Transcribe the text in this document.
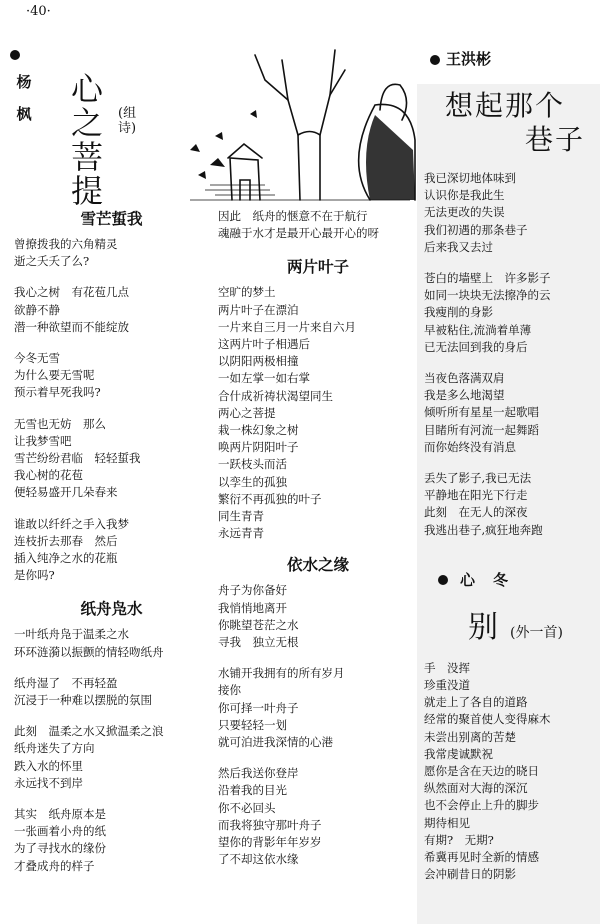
·40·
杨
枫
心之菩提
(组诗)
王洪彬
想起那个
巷子
雪芒蜇我
曾撩拨我的六角精灵
逝之夭夭了么?
我心之树　有花苞几点
欲静不静
潜一种欲望而不能绽放
今冬无雪
为什么要无雪呢
预示着早死我吗?
无雪也无妨　那么
让我梦雪吧
雪芒纷纷君临　轻轻蜇我
我心树的花苞
便轻易盛开几朵春来
谁敢以纤纤之手入我梦
连枝折去那春　然后
插入纯净之水的花瓶
是你吗?
纸舟凫水
一叶纸舟凫于温柔之水
环环涟漪以振颤的情轻吻纸舟
纸舟湿了　不再轻盈
沉浸于一种难以摆脱的氛围
此刻　温柔之水又掀温柔之浪
纸舟迷失了方向
跌入水的怀里
永远找不到岸
其实　纸舟原本是
一张画着小舟的纸
为了寻找水的缘份
才叠成舟的样子
因此　纸舟的惬意不在于航行
魂融于水才是最开心最开心的呀
两片叶子
空旷的梦土
两片叶子在漂泊
一片来自三月一片来自六月
这两片叶子相遇后
以阴阳两极相撞
一如左掌一如右掌
合什成祈祷状渴望同生
两心之菩提
栽一株幻象之树
唤两片阴阳叶子
一跃枝头而活
以孪生的孤独
繁衍不再孤独的叶子
同生青青
永远青青
依水之缘
舟子为你备好
我悄悄地离开
你眺望苍茫之水
寻我　独立无根
水铺开我拥有的所有岁月
接你
你可择一叶舟子
只要轻轻一划
就可泊进我深情的心港
然后我送你登岸
沿着我的目光
你不必回头
而我将独守那叶舟子
望你的背影年年岁岁
了不却这依水缘
我已深切地体味到
认识你是我此生
无法更改的失误
我们初遇的那条巷子
后来我又去过
苍白的墙壁上　许多影子
如同一块块无法擦净的云
我瘦削的身影
早被粘住,流淌着单薄
已无法回到我的身后
当夜色落满双肩
我是多么地渴望
倾听所有星星一起歌唱
目睹所有河流一起舞蹈
而你始终没有消息
丢失了影子,我已无法
平静地在阳光下行走
此刻　在无人的深夜
我逃出巷子,疯狂地奔跑
心冬
别 (外一首)
手　没挥
珍重没道
就走上了各自的道路
经常的聚首使人变得麻木
未尝出别离的苦楚
我常虔诚默祝
愿你是含在天边的晓日
纵然面对大海的深沉
也不会停止上升的脚步
期待相见
有期?　无期?
希冀再见时全新的情感
会冲刷昔日的阴影
